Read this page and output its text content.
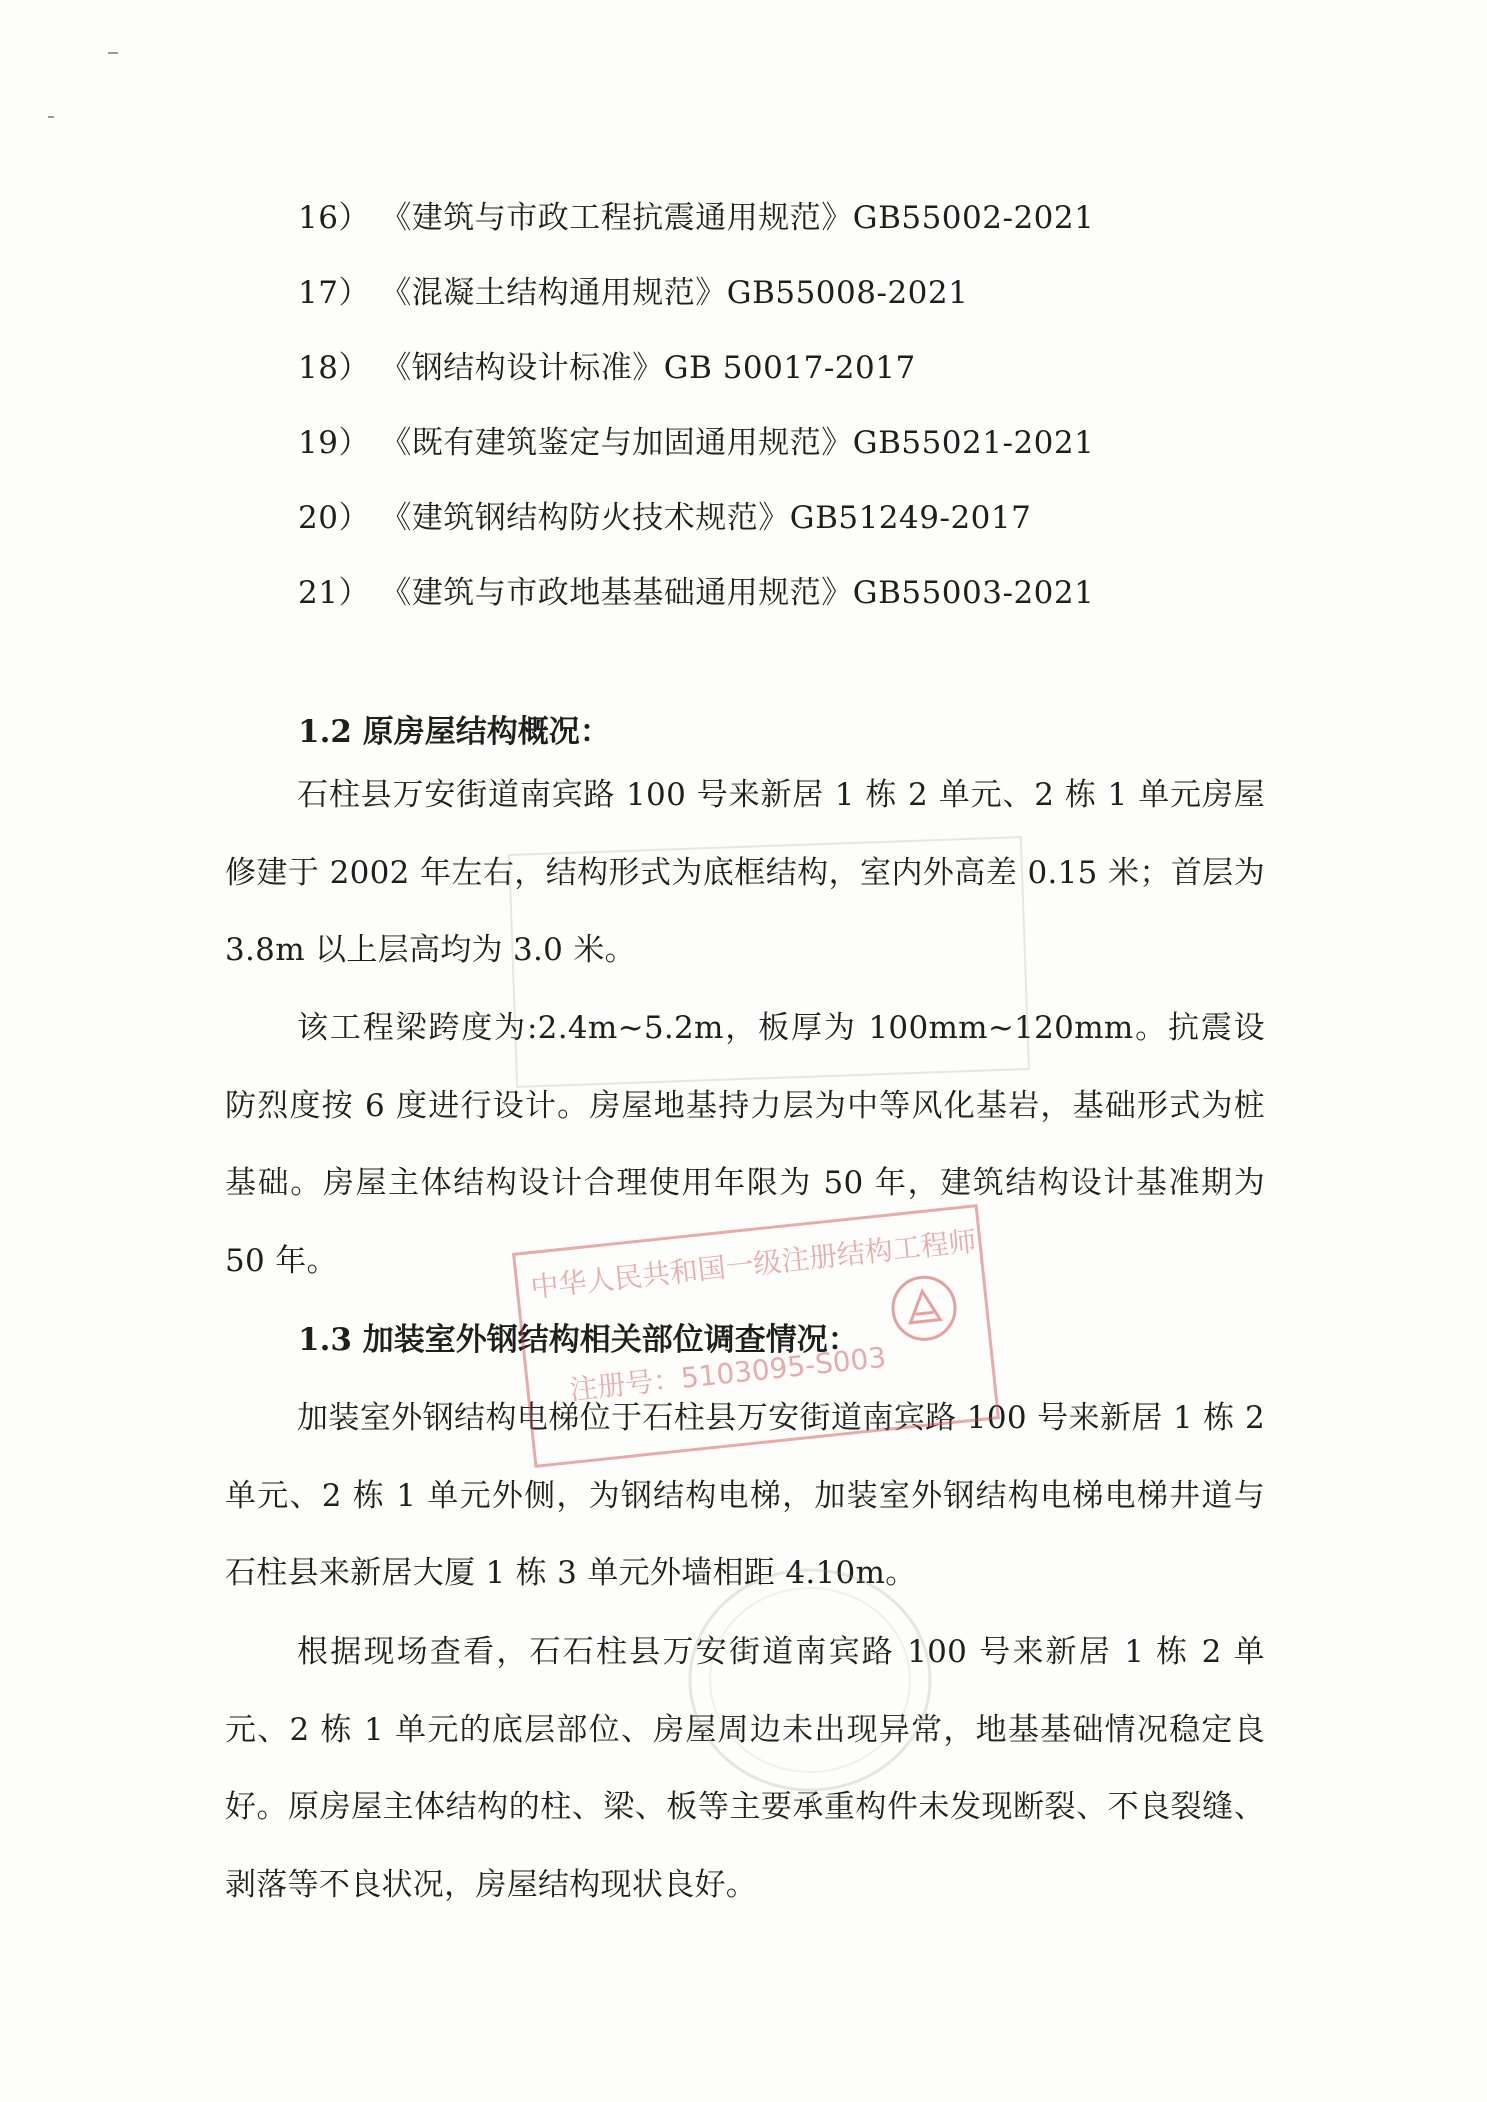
16） 《建筑与市政工程抗震通用规范》GB55002-2021
17） 《混凝土结构通用规范》GB55008-2021
18） 《钢结构设计标准》GB 50017-2017
19） 《既有建筑鉴定与加固通用规范》GB55021-2021
20） 《建筑钢结构防火技术规范》GB51249-2017
21） 《建筑与市政地基基础通用规范》GB55003-2021
1.2 原房屋结构概况：
石柱县万安街道南宾路 100 号来新居 1 栋 2 单元、2 栋 1 单元房屋修建于 2002 年左右，结构形式为底框结构，室内外高差 0.15 米；首层为 3.8m 以上层高均为 3.0 米。
该工程梁跨度为:2.4m~5.2m，板厚为 100mm~120mm。抗震设防烈度按 6 度进行设计。房屋地基持力层为中等风化基岩，基础形式为桩基础。房屋主体结构设计合理使用年限为 50 年，建筑结构设计基准期为 50 年。
1.3 加装室外钢结构相关部位调查情况：
加装室外钢结构电梯位于石柱县万安街道南宾路 100 号来新居 1 栋 2 单元、2 栋 1 单元外侧，为钢结构电梯，加装室外钢结构电梯电梯井道与石柱县来新居大厦 1 栋 3 单元外墙相距 4.10m。
根据现场查看，石石柱县万安街道南宾路 100 号来新居 1 栋 2 单元、2 栋 1 单元的底层部位、房屋周边未出现异常，地基基础情况稳定良好。原房屋主体结构的柱、梁、板等主要承重构件未发现断裂、不良裂缝、剥落等不良状况，房屋结构现状良好。
中华人民共和国一级注册结构工程师
注册号：5103095-S003
